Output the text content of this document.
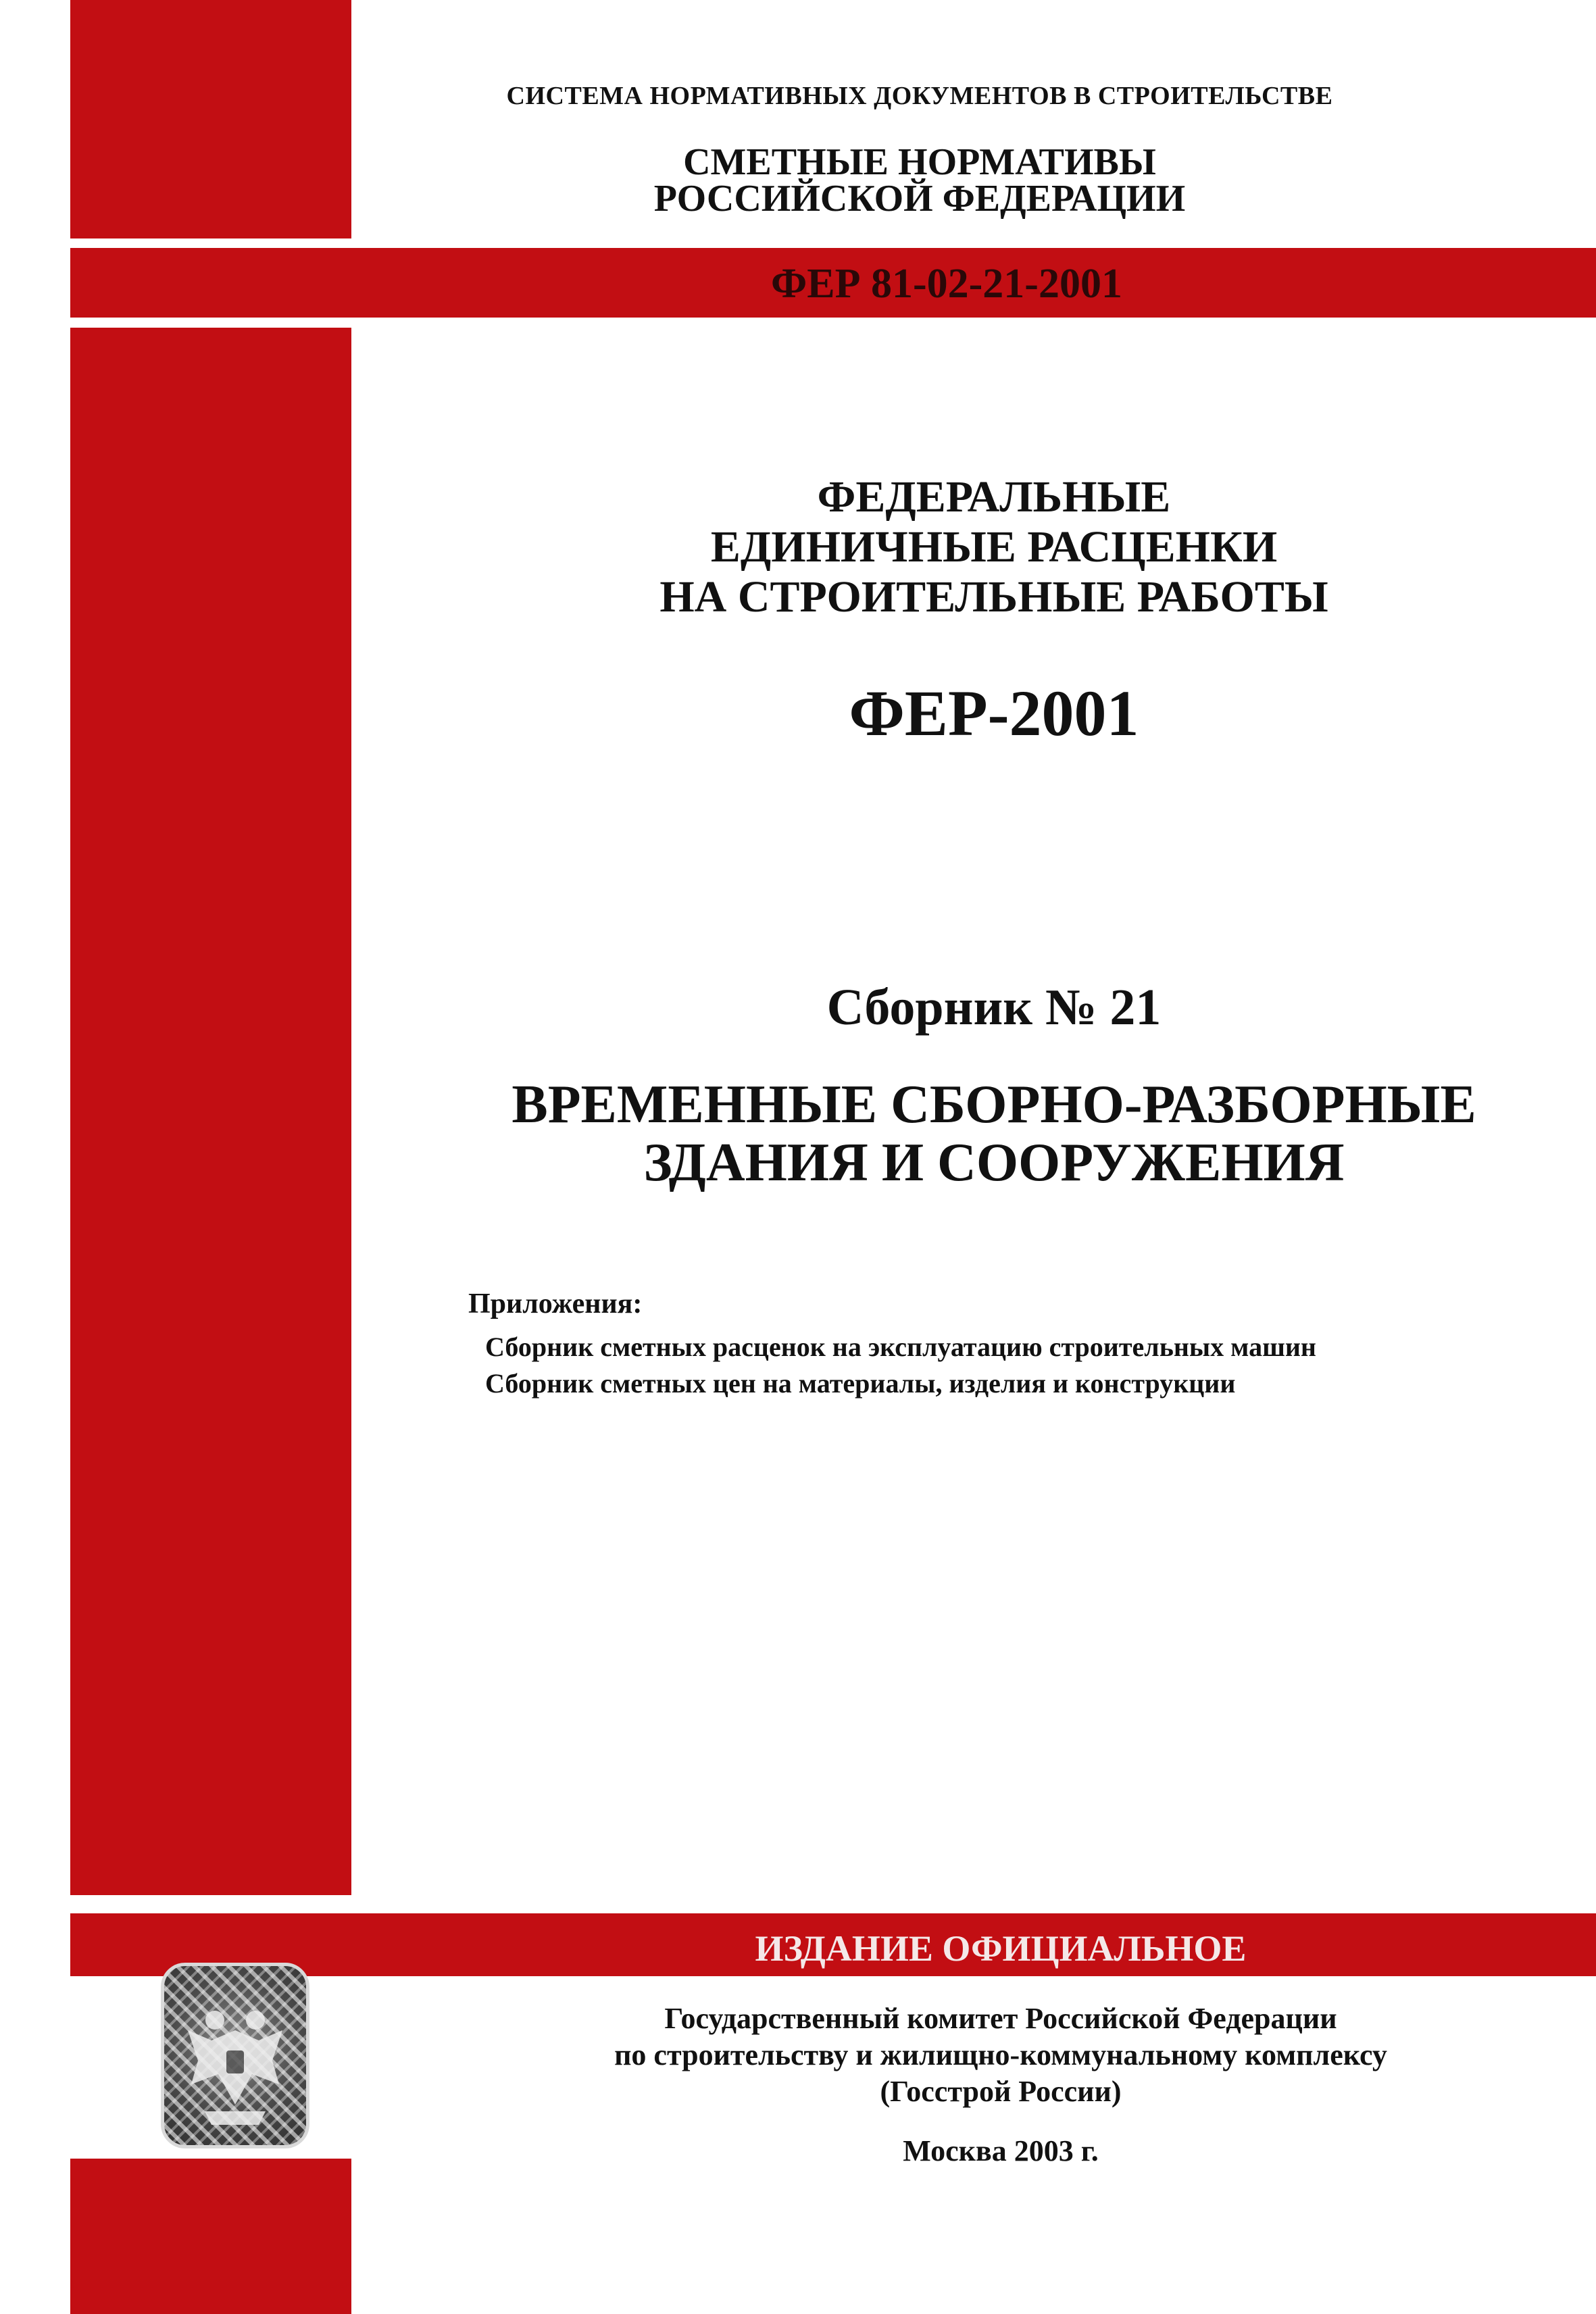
СИСТЕМА НОРМАТИВНЫХ ДОКУМЕНТОВ В СТРОИТЕЛЬСТВЕ

СМЕТНЫЕ НОРМАТИВЫ

РОССИЙСКОЙ ФЕДЕРАЦИИ

ФЕР 81-02-21-2001

ФЕДЕРАЛЬНЫЕ

ЕДИНИЧНЫЕ РАСЦЕНКИ

НА СТРОИТЕЛЬНЫЕ РАБОТЫ

ФЕР-2001

Сборник № 21

ВРЕМЕННЫЕ СБОРНО-РАЗБОРНЫЕ

ЗДАНИЯ И СООРУЖЕНИЯ

Приложения:

Сборник сметных расценок на эксплуатацию строительных машин

Сборник сметных цен на материалы, изделия и конструкции

ИЗДАНИЕ ОФИЦИАЛЬНОЕ

Государственный комитет Российской Федерации

по строительству и жилищно-коммунальному комплексу

(Госстрой России)

Москва 2003 г.
